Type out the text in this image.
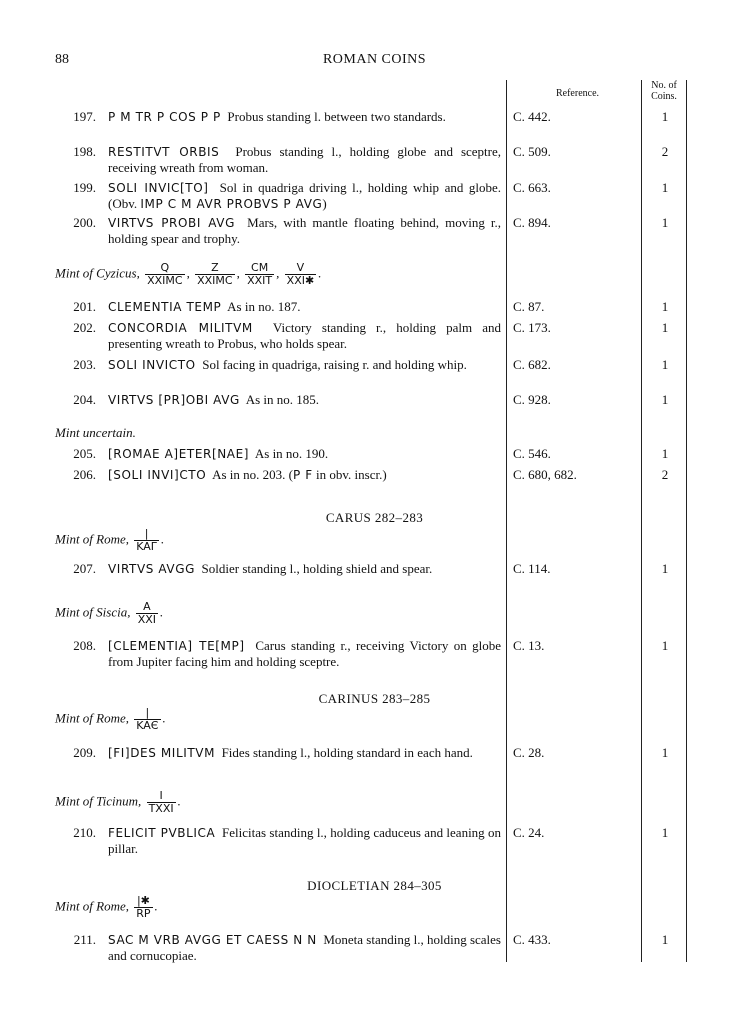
88	ROMAN COINS
Reference.
No. of
Coins.
197. P M TR P COS P P Probus standing l. between two standards.	C. 442.	1
198. RESTITVT ORBIS Probus standing l., holding globe and sceptre, receiving wreath from woman.
C. 509.	2
199. SOLI INVIC[TO] Sol in quadriga driving l., holding whip and globe. (Obv. IMP C M AVR PROBVS P AVG)
C. 663.	1
200. VIRTVS PROBI AVG Mars, with mantle floating behind, moving r., holding spear and trophy.
C. 894.	1
Mint of Cyzicus, $\frac{Q}{\text{XXIMC}}$ , $\frac{Z}{\text{XXIMC}}$ , $\frac{CM}{\text{XXIT}}$ , $\frac{V}{\text{XXI✱}}$ .
201. CLEMENTIA TEMP As in no. 187.	C. 87.	1
202. CONCORDIA MILITVM Victory standing r., holding palm and presenting wreath to Probus, who holds spear.
C. 173.	1
203. SOLI INVICTO Sol facing in quadriga, raising r. and holding whip.	C. 682.	1
204. VIRTVS [PR]OBI AVG As in no. 185.	C. 928.	1
Mint uncertain.
205. [ROMAE A]ETER[NAE] As in no. 190.	C. 546.	1
206. [SOLI INVI]CTO As in no. 203. (P F in obv. inscr.)	C. 680, 682.	2
CARUS 282–283
Mint of Rome, $\frac{|}{\text{KAΓ}}$ .
207. VIRTVS AVGG Soldier standing l., holding shield and spear.	C. 114.	1
Mint of Siscia, $\frac{A}{\text{XXI}}$ .
208. [CLEMENTIA] TE[MP] Carus standing r., receiving Victory on globe from Jupiter facing him and holding sceptre.
C. 13.	1
CARINUS 283–285
Mint of Rome, $\frac{|}{\text{KAЄ}}$ .
209. [FI]DES MILITVM Fides standing l., holding standard in each hand.	C. 28.	1
Mint of Ticinum, $\frac{I}{\text{TXXI}}$ .
210. FELICIT PVBLICA Felicitas standing l., holding caduceus and leaning on pillar.
C. 24.	1
DIOCLETIAN 284–305
Mint of Rome, $\frac{|✱}{RP}$ .
211. SAC M VRB AVGG ET CAESS N N Moneta standing l., holding scales and cornucopiae.
C. 433.	1
